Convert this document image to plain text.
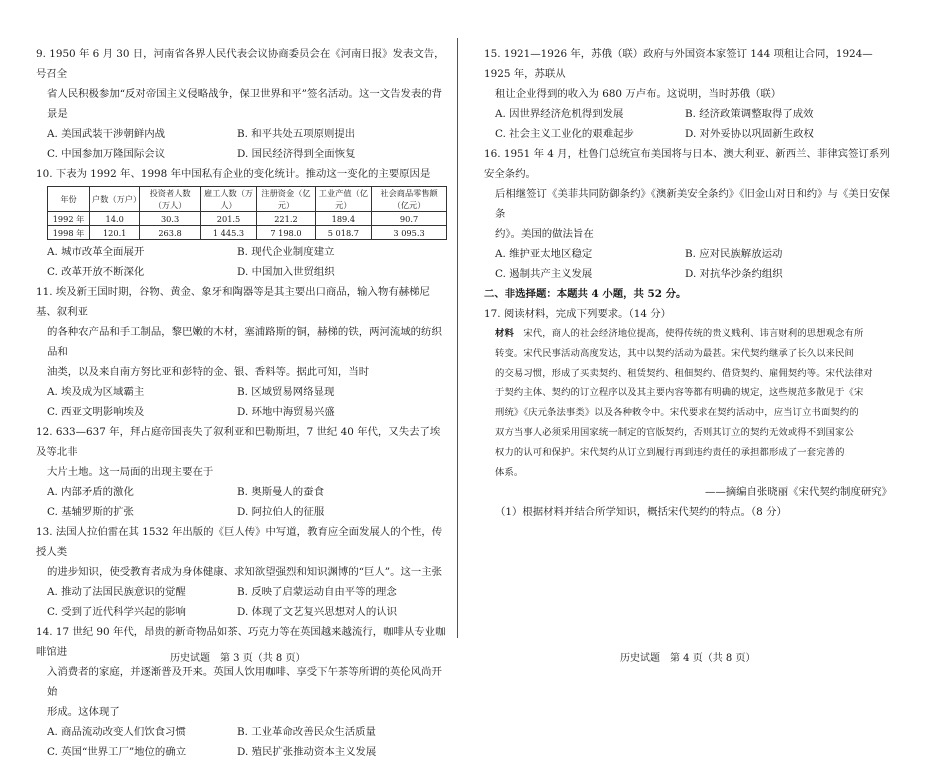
9. 1950 年 6 月 30 日，河南省各界人民代表会议协商委员会在《河南日报》发表文告，号召全
省人民积极参加“反对帝国主义侵略战争，保卫世界和平”签名活动。这一文告发表的背
景是
A. 美国武装干涉朝鲜内战	B. 和平共处五项原则提出
C. 中国参加万隆国际会议	D. 国民经济得到全面恢复
10. 下表为 1992 年、1998 年中国私有企业的变化统计。推动这一变化的主要原因是
年份	户数（万户）	投资者人数（万人）	雇工人数（万人）	注册资金（亿元）	工业产值（亿元）	社会商品零售额（亿元）
1992 年	14.0	30.3	201.5	221.2	189.4	90.7
1998 年	120.1	263.8	1 445.3	7 198.0	5 018.7	3 095.3
A. 城市改革全面展开	B. 现代企业制度建立
C. 改革开放不断深化	D. 中国加入世贸组织
11. 埃及新王国时期，谷物、黄金、象牙和陶器等是其主要出口商品，输入物有赫梯尼基、叙利亚
的各种农产品和手工制品，黎巴嫩的木材，塞浦路斯的铜，赫梯的铁，两河流域的纺织品和
油类，以及来自南方努比亚和彭特的金、银、香料等。据此可知，当时
A. 埃及成为区域霸主	B. 区域贸易网络显现
C. 西亚文明影响埃及	D. 环地中海贸易兴盛
12. 633—637 年，拜占庭帝国丧失了叙利亚和巴勒斯坦，7 世纪 40 年代，又失去了埃及等北非
大片土地。这一局面的出现主要在于
A. 内部矛盾的激化	B. 奥斯曼人的蚕食
C. 基辅罗斯的扩张	D. 阿拉伯人的征服
13. 法国人拉伯雷在其 1532 年出版的《巨人传》中写道，教育应全面发展人的个性，传授人类
的进步知识，使受教育者成为身体健康、求知欲望强烈和知识渊博的“巨人”。这一主张
A. 推动了法国民族意识的觉醒	B. 反映了启蒙运动自由平等的理念
C. 受到了近代科学兴起的影响	D. 体现了文艺复兴思想对人的认识
14. 17 世纪 90 年代，昂贵的新奇物品如茶、巧克力等在英国越来越流行，咖啡从专业咖啡馆进
入消费者的家庭，并逐渐普及开来。英国人饮用咖啡、享受下午茶等所谓的英伦风尚开始
形成。这体现了
A. 商品流动改变人们饮食习惯	B. 工业革命改善民众生活质量
C. 英国“世界工厂”地位的确立	D. 殖民扩张推动资本主义发展
15. 1921—1926 年，苏俄（联）政府与外国资本家签订 144 项租让合同，1924—1925 年，苏联从
租让企业得到的收入为 680 万卢布。这说明，当时苏俄（联）
A. 因世界经济危机得到发展	B. 经济政策调整取得了成效
C. 社会主义工业化的艰难起步	D. 对外妥协以巩固新生政权
16. 1951 年 4 月，杜鲁门总统宣布美国将与日本、澳大利亚、新西兰、菲律宾签订系列安全条约。
后相继签订《美菲共同防御条约》《澳新美安全条约》《旧金山对日和约》与《美日安保条
约》。美国的做法旨在
A. 维护亚太地区稳定	B. 应对民族解放运动
C. 遏制共产主义发展	D. 对抗华沙条约组织
二、非选择题：本题共 4 小题，共 52 分。
17. 阅读材料，完成下列要求。（14 分）
材料　 宋代，商人的社会经济地位提高，使得传统的贵义贱利、讳言财利的思想观念有所
转变。宋代民事活动高度发达，其中以契约活动为最甚。宋代契约继承了长久以来民间
的交易习惯，形成了买卖契约、租赁契约、租佃契约、借贷契约、雇佣契约等。宋代法律对
于契约主体、契约的订立程序以及其主要内容等都有明确的规定，这些规范多散见于《宋
刑统》《庆元条法事类》以及各种敕令中。宋代要求在契约活动中，应当订立书面契约的
双方当事人必须采用国家统一制定的官版契约，否则其订立的契约无效或得不到国家公
权力的认可和保护。宋代契约从订立到履行再到违约责任的承担都形成了一套完善的
体系。
——摘编自张晓丽《宋代契约制度研究》
（1）根据材料并结合所学知识，概括宋代契约的特点。（8 分）
历史试题　第 3 页（共 8 页）	历史试题　第 4 页（共 8 页）
